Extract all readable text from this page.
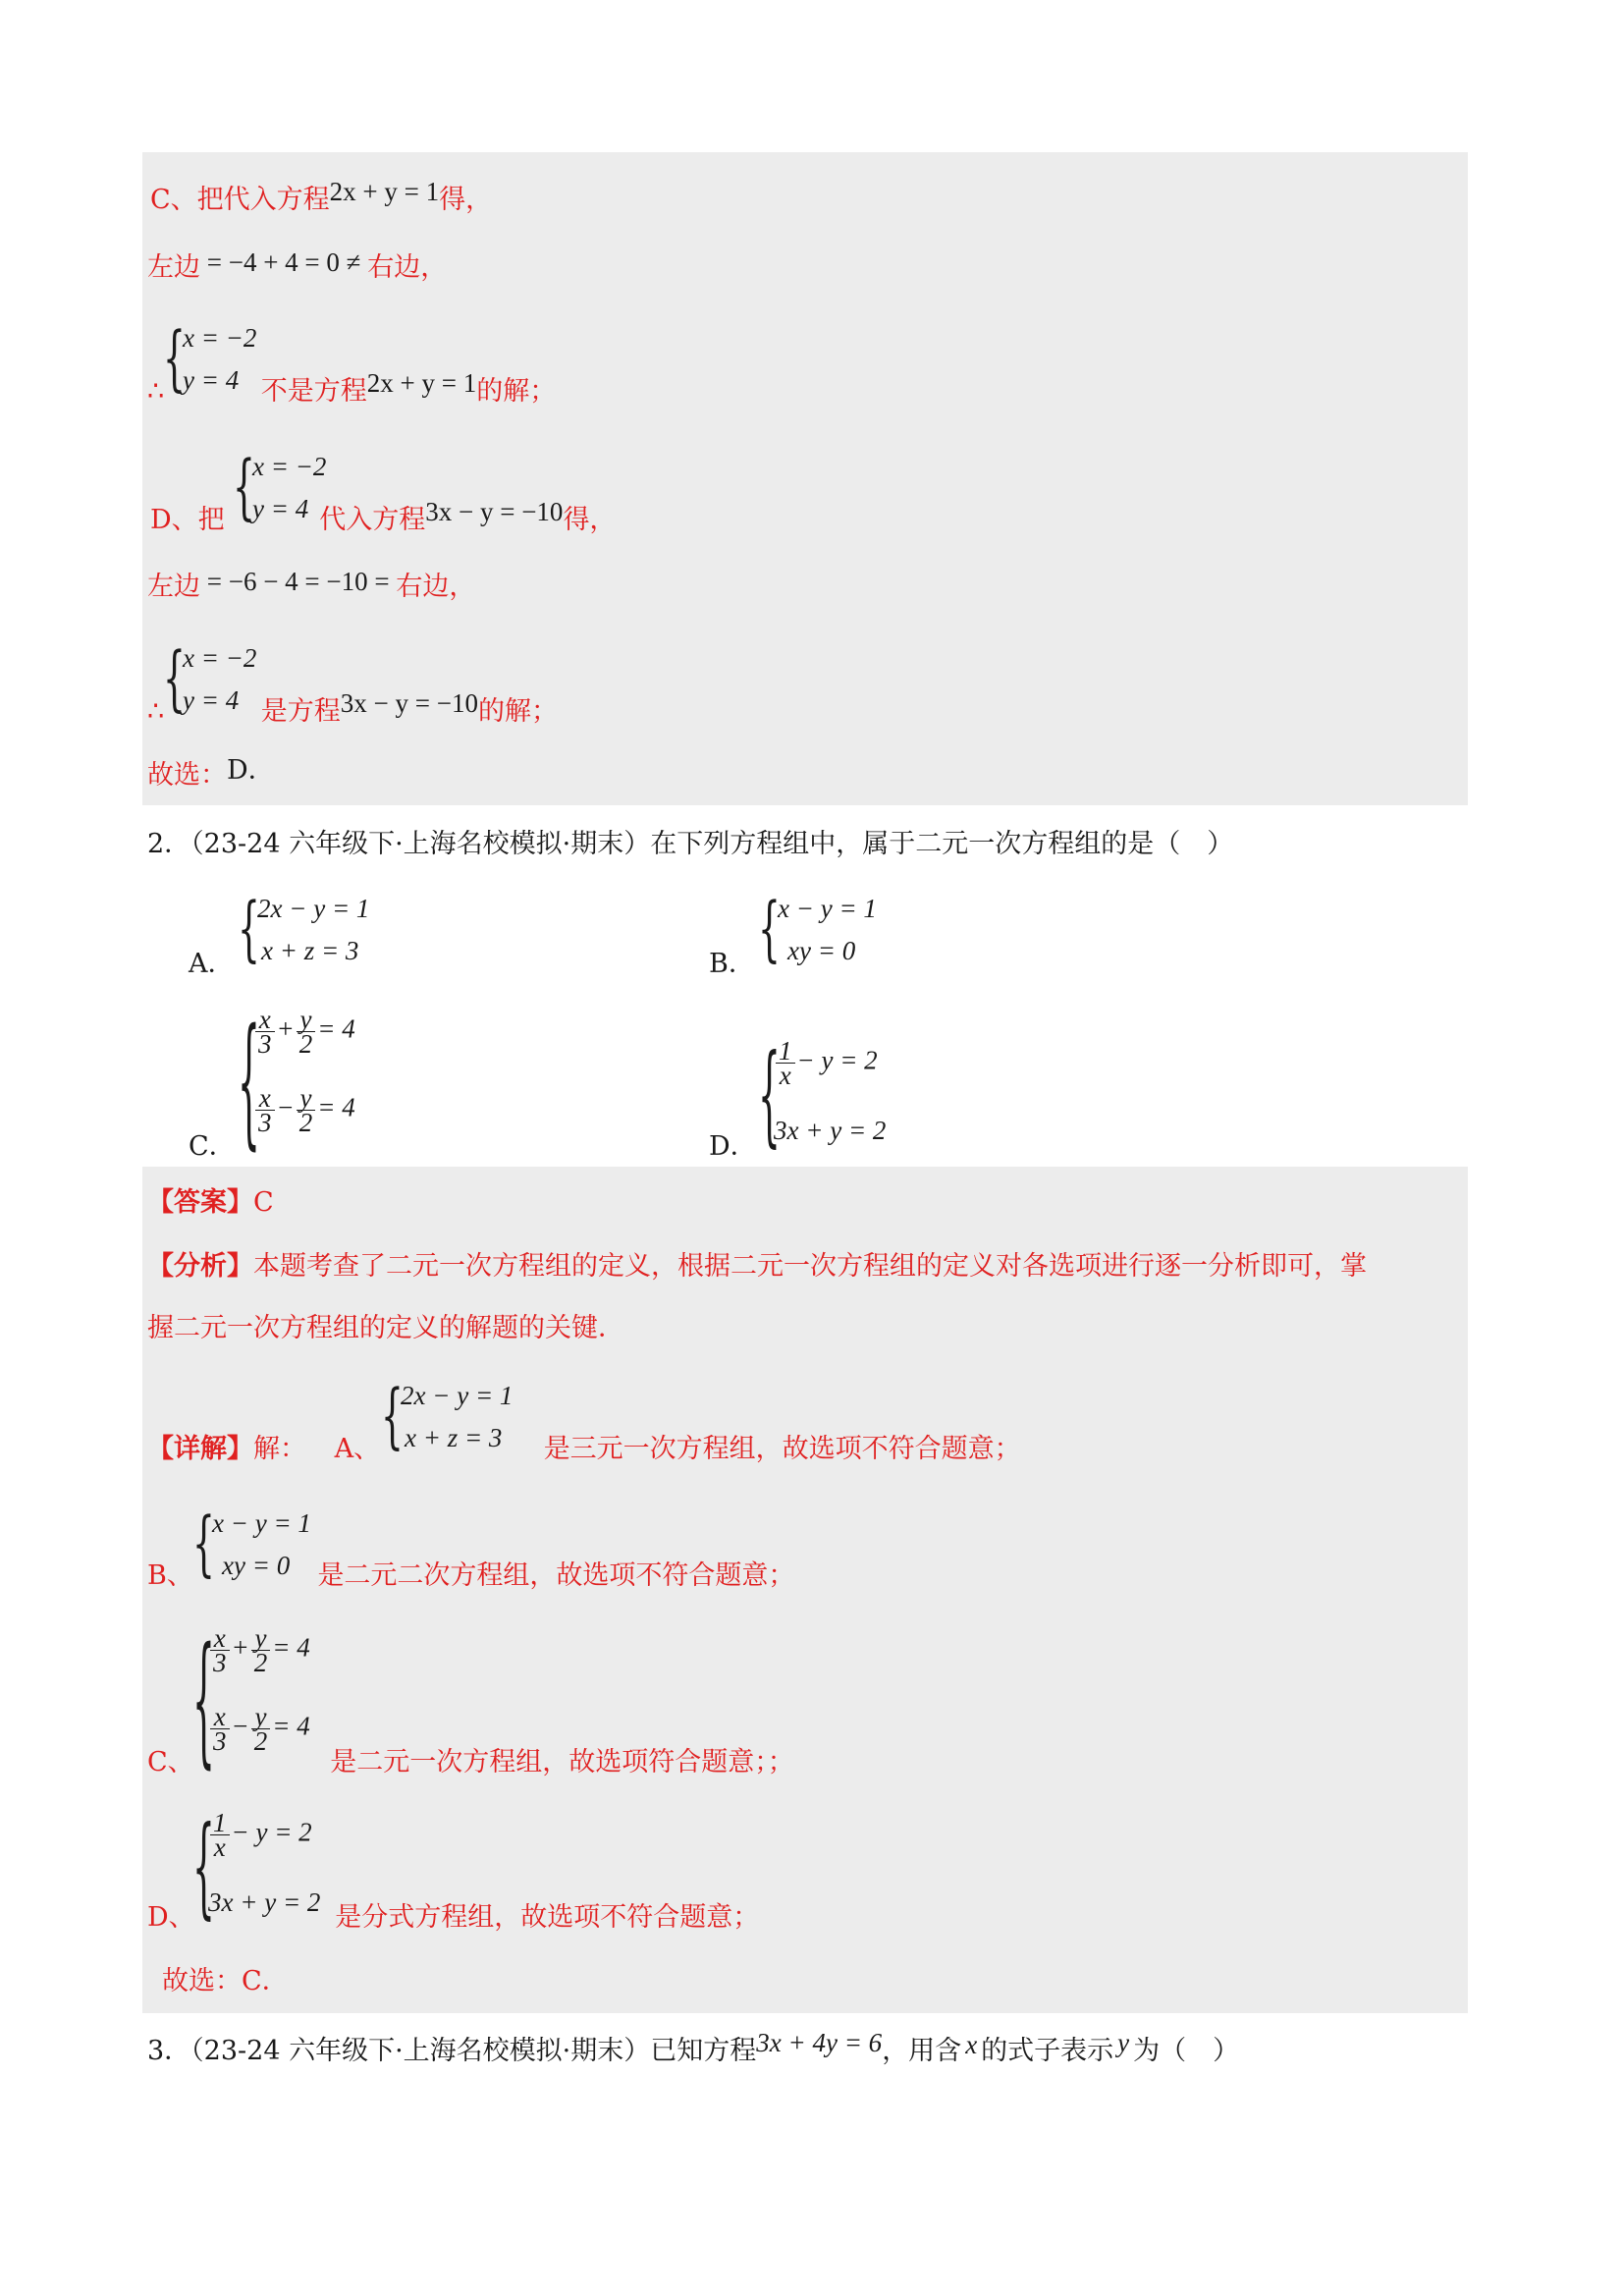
C、把代入方程2x + y = 1得，
左边 = −4 + 4 = 0 ≠ 右边，
{
x = −2
y = 4
∴	不是方程2x + y = 1的解；
{
x = −2
y = 4
D、把	代入方程3x − y = −10得，
左边 = −6 − 4 = −10 = 右边，
{
x = −2
y = 4
∴	是方程3x − y = −10的解；
故选：D．
2．（23-24 六年级下·上海名校模拟·期末）在下列方程组中，属于二元一次方程组的是（　）
A． {
2x − y = 1
x + z = 3	B． {
x − y = 1
xy = 0
C． {
$\frac{x}{3} + \frac{y}{2} = 4$
$\frac{x}{3} - \frac{y}{2} = 4$
D． {
$\frac{1}{x} - y = 2$
3x + y = 2
【答案】C
【分析】本题考查了二元一次方程组的定义，根据二元一次方程组的定义对各选项进行逐一分析即可，掌
握二元一次方程组的定义的解题的关键．
{
2x − y = 1
x + z = 3
【详解】解： A、	是三元一次方程组，故选项不符合题意；
{
x − y = 1
xy = 0
B、	是二元二次方程组，故选项不符合题意；
{
$\frac{x}{3} + \frac{y}{2} = 4$
$\frac{x}{3} - \frac{y}{2} = 4$
C、	是二元一次方程组，故选项符合题意；；
{
$\frac{1}{x} - y = 2$
3x + y = 2
D、	是分式方程组，故选项不符合题意；
故选：C．
3．（23-24 六年级下·上海名校模拟·期末）已知方程3x + 4y = 6，用含 x 的式子表示 y 为（　）
